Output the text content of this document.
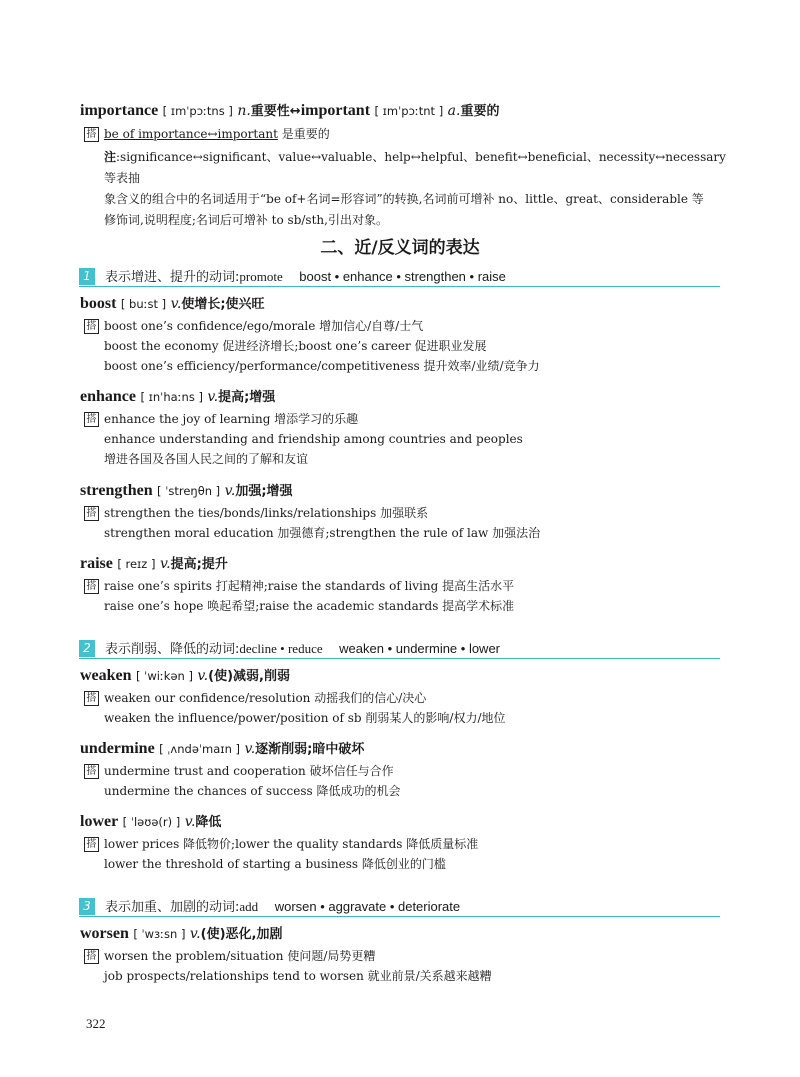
importance [ ɪmˈpɔːtns ] n.重要性↔important [ ɪmˈpɔːtnt ] a.重要的
搭 be of importance↔important 是重要的
注:significance↔significant、value↔valuable、help↔helpful、benefit↔beneficial、necessity↔necessary 等表抽
象含义的组合中的名词适用于“be of+名词=形容词”的转换,名词前可增补 no、little、great、considerable 等
修饰词,说明程度;名词后可增补 to sb/sth,引出对象。
二、近/反义词的表达
1	表示增进、提升的动词:promote boost • enhance • strengthen • raise
boost [ buːst ] v.使增长;使兴旺
搭 boost one’s confidence/ego/morale 增加信心/自尊/士气
boost the economy 促进经济增长;boost one’s career 促进职业发展
boost one’s efficiency/performance/competitiveness 提升效率/业绩/竞争力
enhance [ ɪnˈhaːns ] v.提高;增强
搭 enhance the joy of learning 增添学习的乐趣
enhance understanding and friendship among countries and peoples
增进各国及各国人民之间的了解和友谊
strengthen [ ˈstreŋθn ] v.加强;增强
搭 strengthen the ties/bonds/links/relationships 加强联系
strengthen moral education 加强德育;strengthen the rule of law 加强法治
raise [ reɪz ] v.提高;提升
搭 raise one’s spirits 打起精神;raise the standards of living 提高生活水平
raise one’s hope 唤起希望;raise the academic standards 提高学术标准
2	表示削弱、降低的动词:decline • reduce weaken • undermine • lower
weaken [ ˈwiːkən ] v.(使)减弱,削弱
搭 weaken our confidence/resolution 动摇我们的信心/决心
weaken the influence/power/position of sb 削弱某人的影响/权力/地位
undermine [ ˌʌndəˈmaɪn ] v.逐渐削弱;暗中破坏
搭 undermine trust and cooperation 破坏信任与合作
undermine the chances of success 降低成功的机会
lower [ ˈləʊə(r) ] v.降低
搭 lower prices 降低物价;lower the quality standards 降低质量标准
lower the threshold of starting a business 降低创业的门槛
3	表示加重、加剧的动词:add worsen • aggravate • deteriorate
worsen [ ˈwɜːsn ] v.(使)恶化,加剧
搭 worsen the problem/situation 使问题/局势更糟
job prospects/relationships tend to worsen 就业前景/关系越来越糟
322
